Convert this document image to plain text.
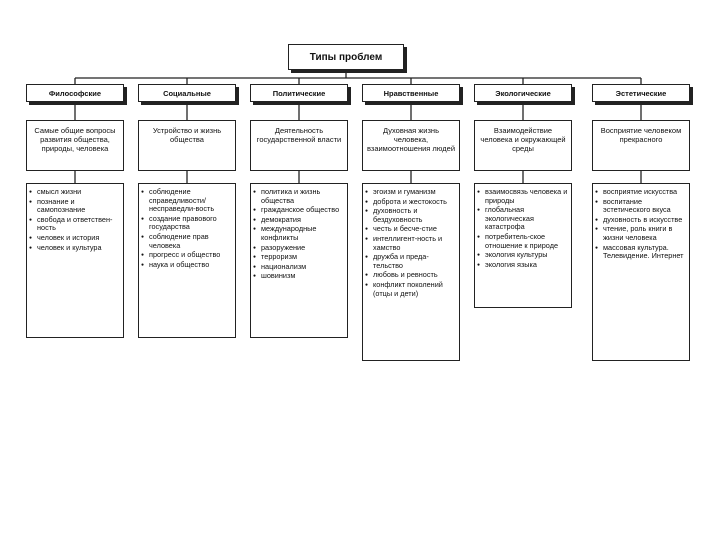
Типы проблем
Философские
Самые общие вопросы развития общества, природы, человека
● смысл жизни
● познание и самопознание
● свобода и ответствен-ность
● человек и история
● человек и культура
Социальные
Устройство и жизнь общества
● соблюдение справедливости/ несправедли-вость
● создание правового государства
● соблюдение прав человека
● прогресс и общество
● наука и общество
Политические
Деятельность государственной власти
● политика и жизнь общества
● гражданское общество
● демократия
● международные конфликты
● разоружение
● терроризм
● национализм
● шовинизм
Нравственные
Духовная жизнь человека, взаимоотношения людей
● эгоизм и гуманизм
● доброта и жестокость
● духовность и бездуховность
● честь и бесче-стие
● интеллигент-ность и хамство
● дружба и преда-тельство
● любовь и ревность
● конфликт поколений (отцы и дети)
Экологические
Взаимодействие человека и окружающей среды
● взаимосвязь человека и природы
● глобальная экологическая катастрофа
● потребитель-ское отношение к природе
● экология культуры
● экология языка
Эстетические
Восприятие человеком прекрасного
● восприятие искусства
● воспитание эстетического вкуса
● духовность в искусстве
● чтение, роль книги в жизни человека
● массовая культура. Телевидение. Интернет
